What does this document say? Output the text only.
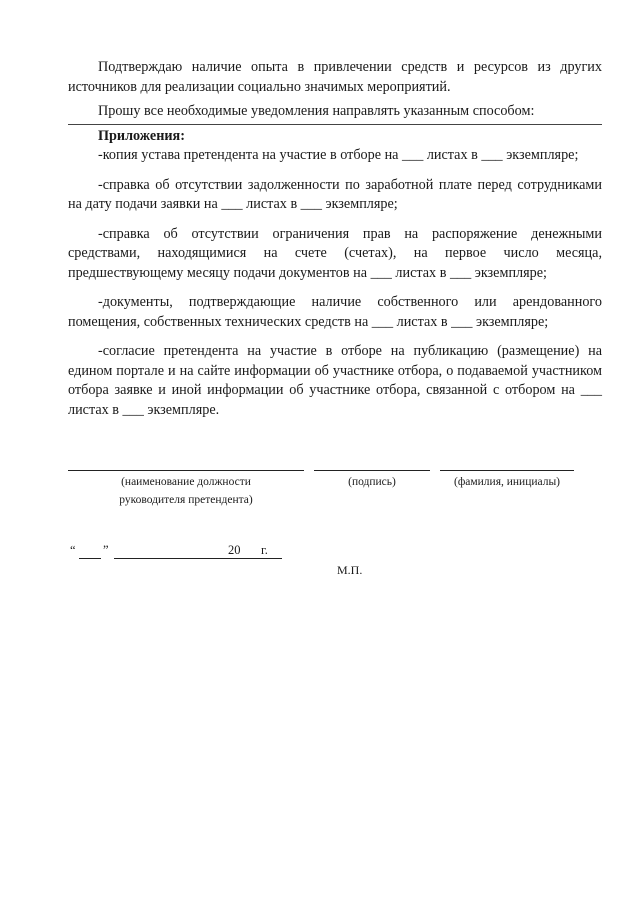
Подтверждаю наличие опыта в привлечении средств и ресурсов из других источников для реализации социально значимых мероприятий.

Прошу все необходимые уведомления направлять указанным способом:

Приложения:

-копия устава претендента на участие в отборе на ___ листах в ___ экземпляре;

-справка об отсутствии задолженности по заработной плате перед сотрудниками на дату подачи заявки на ___ листах в ___ экземпляре;

-справка об отсутствии ограничения прав на распоряжение денежными средствами, находящимися на счете (счетах), на первое число месяца, предшествующему месяцу подачи документов на ___ листах в ___ экземпляре;

-документы, подтверждающие наличие собственного или арендованного помещения, собственных технических средств на ___ листах в ___ экземпляре;

-согласие претендента на участие в отборе на публикацию (размещение) на едином портале и на сайте информации об участнике отбора, о подаваемой участником отбора заявке и иной информации об участнике отбора, связанной с отбором на ___ листах в ___ экземпляре.

(наименование должности
руководителя претендента)
(подпись)	(фамилия, инициалы)
“ ”	20 г.
М.П.
